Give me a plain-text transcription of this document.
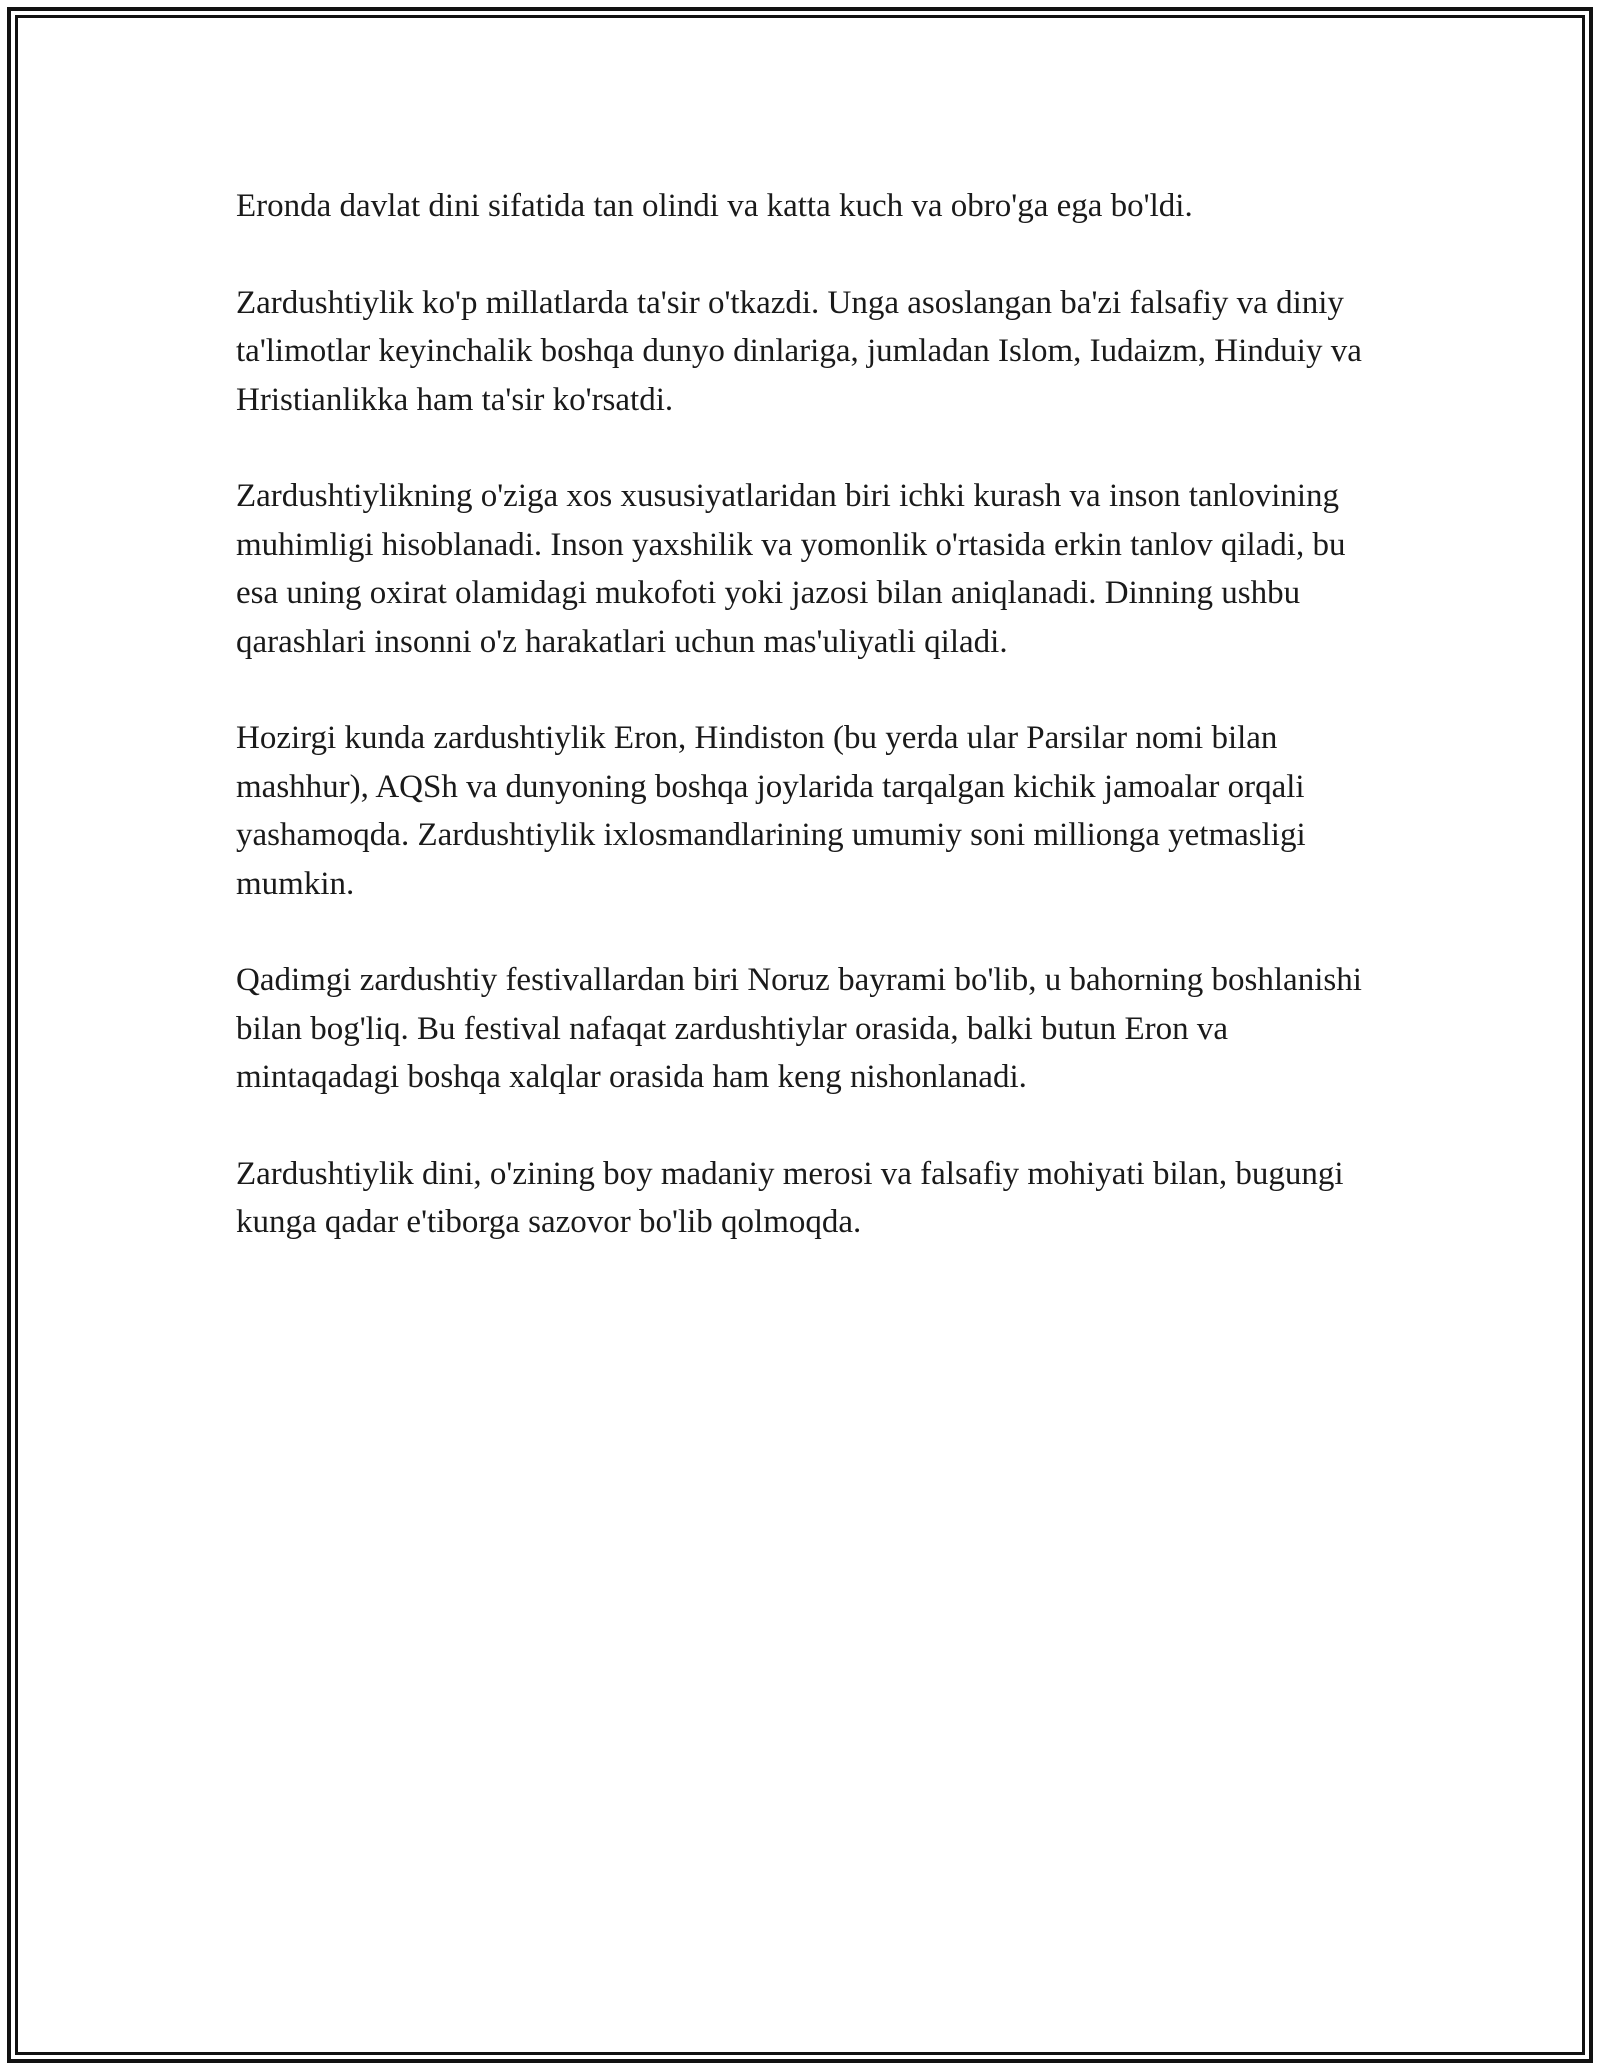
Eronda davlat dini sifatida tan olindi va katta kuch va obro'ga ega bo'ldi.

Zardushtiylik ko'p millatlarda ta'sir o'tkazdi. Unga asoslangan ba'zi falsafiy va diniy ta'limotlar keyinchalik boshqa dunyo dinlariga, jumladan Islom, Iudaizm, Hinduiy va Hristianlikka ham ta'sir ko'rsatdi.

Zardushtiylikning o'ziga xos xususiyatlaridan biri ichki kurash va inson tanlovining muhimligi hisoblanadi. Inson yaxshilik va yomonlik o'rtasida erkin tanlov qiladi, bu esa uning oxirat olamidagi mukofoti yoki jazosi bilan aniqlanadi. Dinning ushbu qarashlari insonni o'z harakatlari uchun mas'uliyatli qiladi.

Hozirgi kunda zardushtiylik Eron, Hindiston (bu yerda ular Parsilar nomi bilan mashhur), AQSh va dunyoning boshqa joylarida tarqalgan kichik jamoalar orqali yashamoqda. Zardushtiylik ixlosmandlarining umumiy soni millionga yetmasligi mumkin.

Qadimgi zardushtiy festivallardan biri Noruz bayrami bo'lib, u bahorning boshlanishi bilan bog'liq. Bu festival nafaqat zardushtiylar orasida, balki butun Eron va mintaqadagi boshqa xalqlar orasida ham keng nishonlanadi.

Zardushtiylik dini, o'zining boy madaniy merosi va falsafiy mohiyati bilan, bugungi kunga qadar e'tiborga sazovor bo'lib qolmoqda.
